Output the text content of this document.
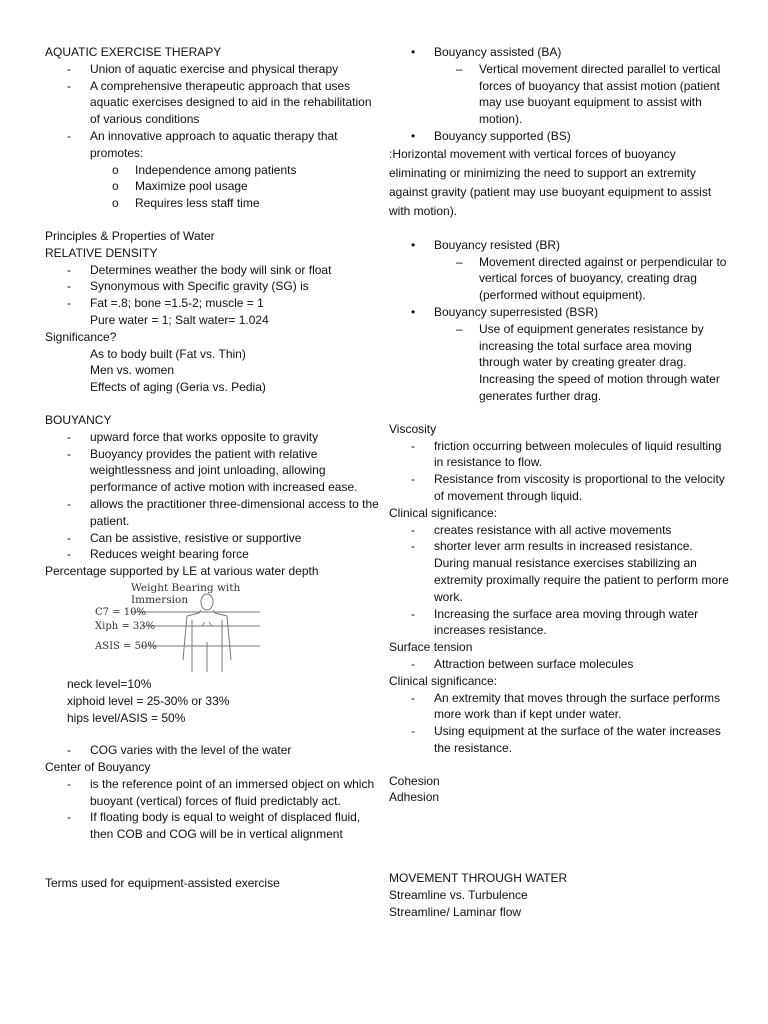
AQUATIC EXERCISE THERAPY
- Union of aquatic exercise and physical therapy
- A comprehensive therapeutic approach that uses aquatic exercises designed to aid in the rehabilitation of various conditions
- An innovative approach to aquatic therapy that promotes:
o Independence among patients
o Maximize pool usage
o Requires less staff time
Principles & Properties of Water
RELATIVE DENSITY
- Determines weather the body will sink or float
- Synonymous with Specific gravity (SG) is
- Fat =.8; bone =1.5-2; muscle = 1
Pure water = 1; Salt water= 1.024
Significance?
As to body built (Fat vs. Thin)
Men vs. women
Effects of aging (Geria vs. Pedia)
BOUYANCY
- upward force that works opposite to gravity
- Buoyancy provides the patient with relative weightlessness and joint unloading, allowing performance of active motion with increased ease.
- allows the practitioner three-dimensional access to the patient.
- Can be assistive, resistive or supportive
- Reduces weight bearing force
Percentage supported by LE at various water depth
Weight Bearing with Immersion
C7 = 10%
Xiph = 33%
ASIS = 50%
neck level=10%
xiphoid level = 25-30% or 33%
hips level/ASIS = 50%
- COG varies with the level of the water
Center of Bouyancy
- is the reference point of an immersed object on which buoyant (vertical) forces of fluid predictably act.
- If floating body is equal to weight of displaced fluid, then COB and COG will be in vertical alignment
Terms used for equipment-assisted exercise
• Bouyancy assisted (BA)
– Vertical movement directed parallel to vertical forces of buoyancy that assist motion (patient may use buoyant equipment to assist with motion).
• Bouyancy supported (BS)
:Horizontal movement with vertical forces of buoyancy eliminating or minimizing the need to support an extremity against gravity (patient may use buoyant equipment to assist with motion).
• Bouyancy resisted (BR)
– Movement directed against or perpendicular to vertical forces of buoyancy, creating drag (performed without equipment).
• Bouyancy superresisted (BSR)
– Use of equipment generates resistance by increasing the total surface area moving through water by creating greater drag. Increasing the speed of motion through water generates further drag.
Viscosity
- friction occurring between molecules of liquid resulting in resistance to flow.
- Resistance from viscosity is proportional to the velocity of movement through liquid.
Clinical significance:
- creates resistance with all active movements
- shorter lever arm results in increased resistance. During manual resistance exercises stabilizing an extremity proximally require the patient to perform more work.
- Increasing the surface area moving through water increases resistance.
Surface tension
- Attraction between surface molecules
Clinical significance:
- An extremity that moves through the surface performs more work than if kept under water.
- Using equipment at the surface of the water increases the resistance.
Cohesion
Adhesion
MOVEMENT THROUGH WATER
Streamline vs. Turbulence
Streamline/ Laminar flow
